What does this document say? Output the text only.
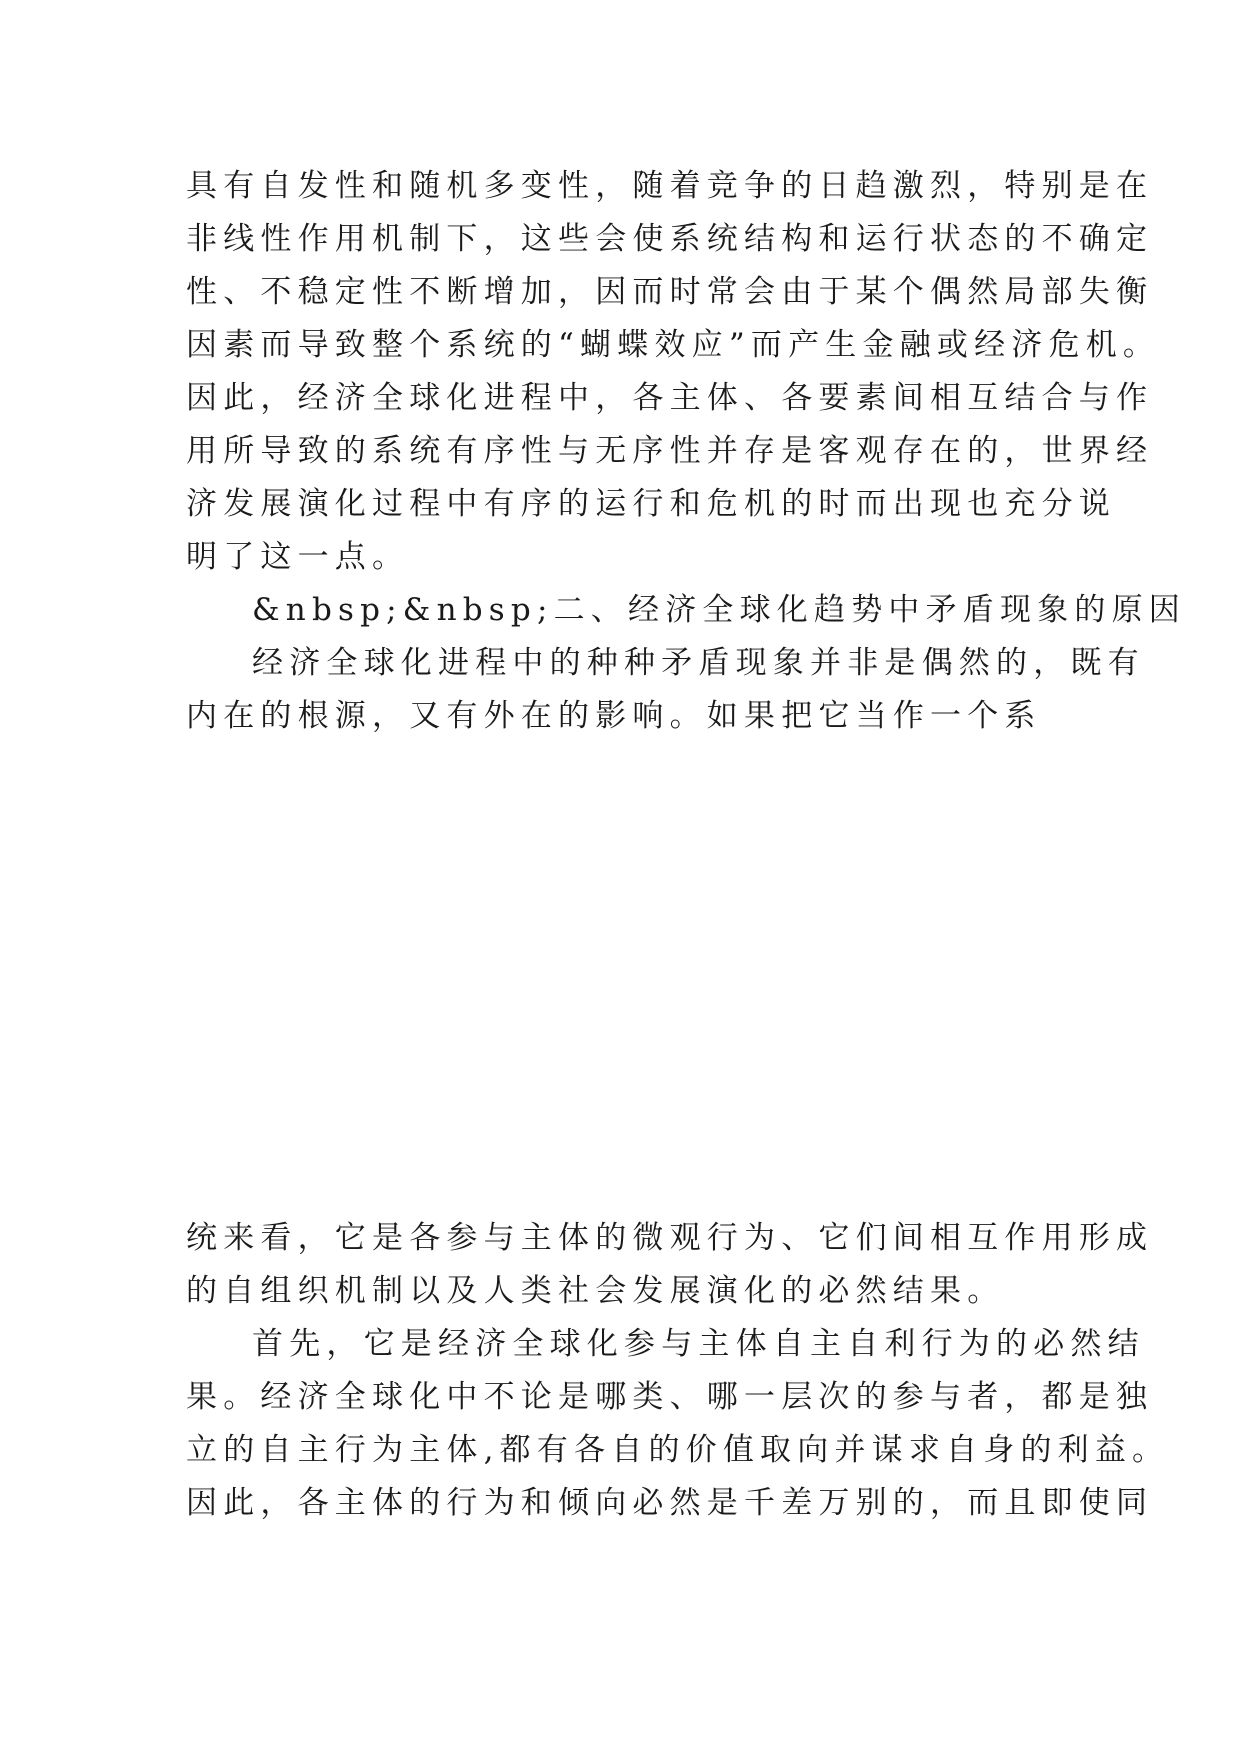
具有自发性和随机多变性，随着竞争的日趋激烈，特别是在
非线性作用机制下，这些会使系统结构和运行状态的不确定
性、不稳定性不断增加，因而时常会由于某个偶然局部失衡
因素而导致整个系统的“蝴蝶效应”而产生金融或经济危机。
因此，经济全球化进程中，各主体、各要素间相互结合与作
用所导致的系统有序性与无序性并存是客观存在的，世界经
济发展演化过程中有序的运行和危机的时而出现也充分说
明了这一点。
&nbsp;&nbsp;二、经济全球化趋势中矛盾现象的原因
经济全球化进程中的种种矛盾现象并非是偶然的，既有
内在的根源，又有外在的影响。如果把它当作一个系
统来看，它是各参与主体的微观行为、它们间相互作用形成
的自组织机制以及人类社会发展演化的必然结果。
首先，它是经济全球化参与主体自主自利行为的必然结
果。经济全球化中不论是哪类、哪一层次的参与者，都是独
立的自主行为主体,都有各自的价值取向并谋求自身的利益。
因此，各主体的行为和倾向必然是千差万别的，而且即使同
